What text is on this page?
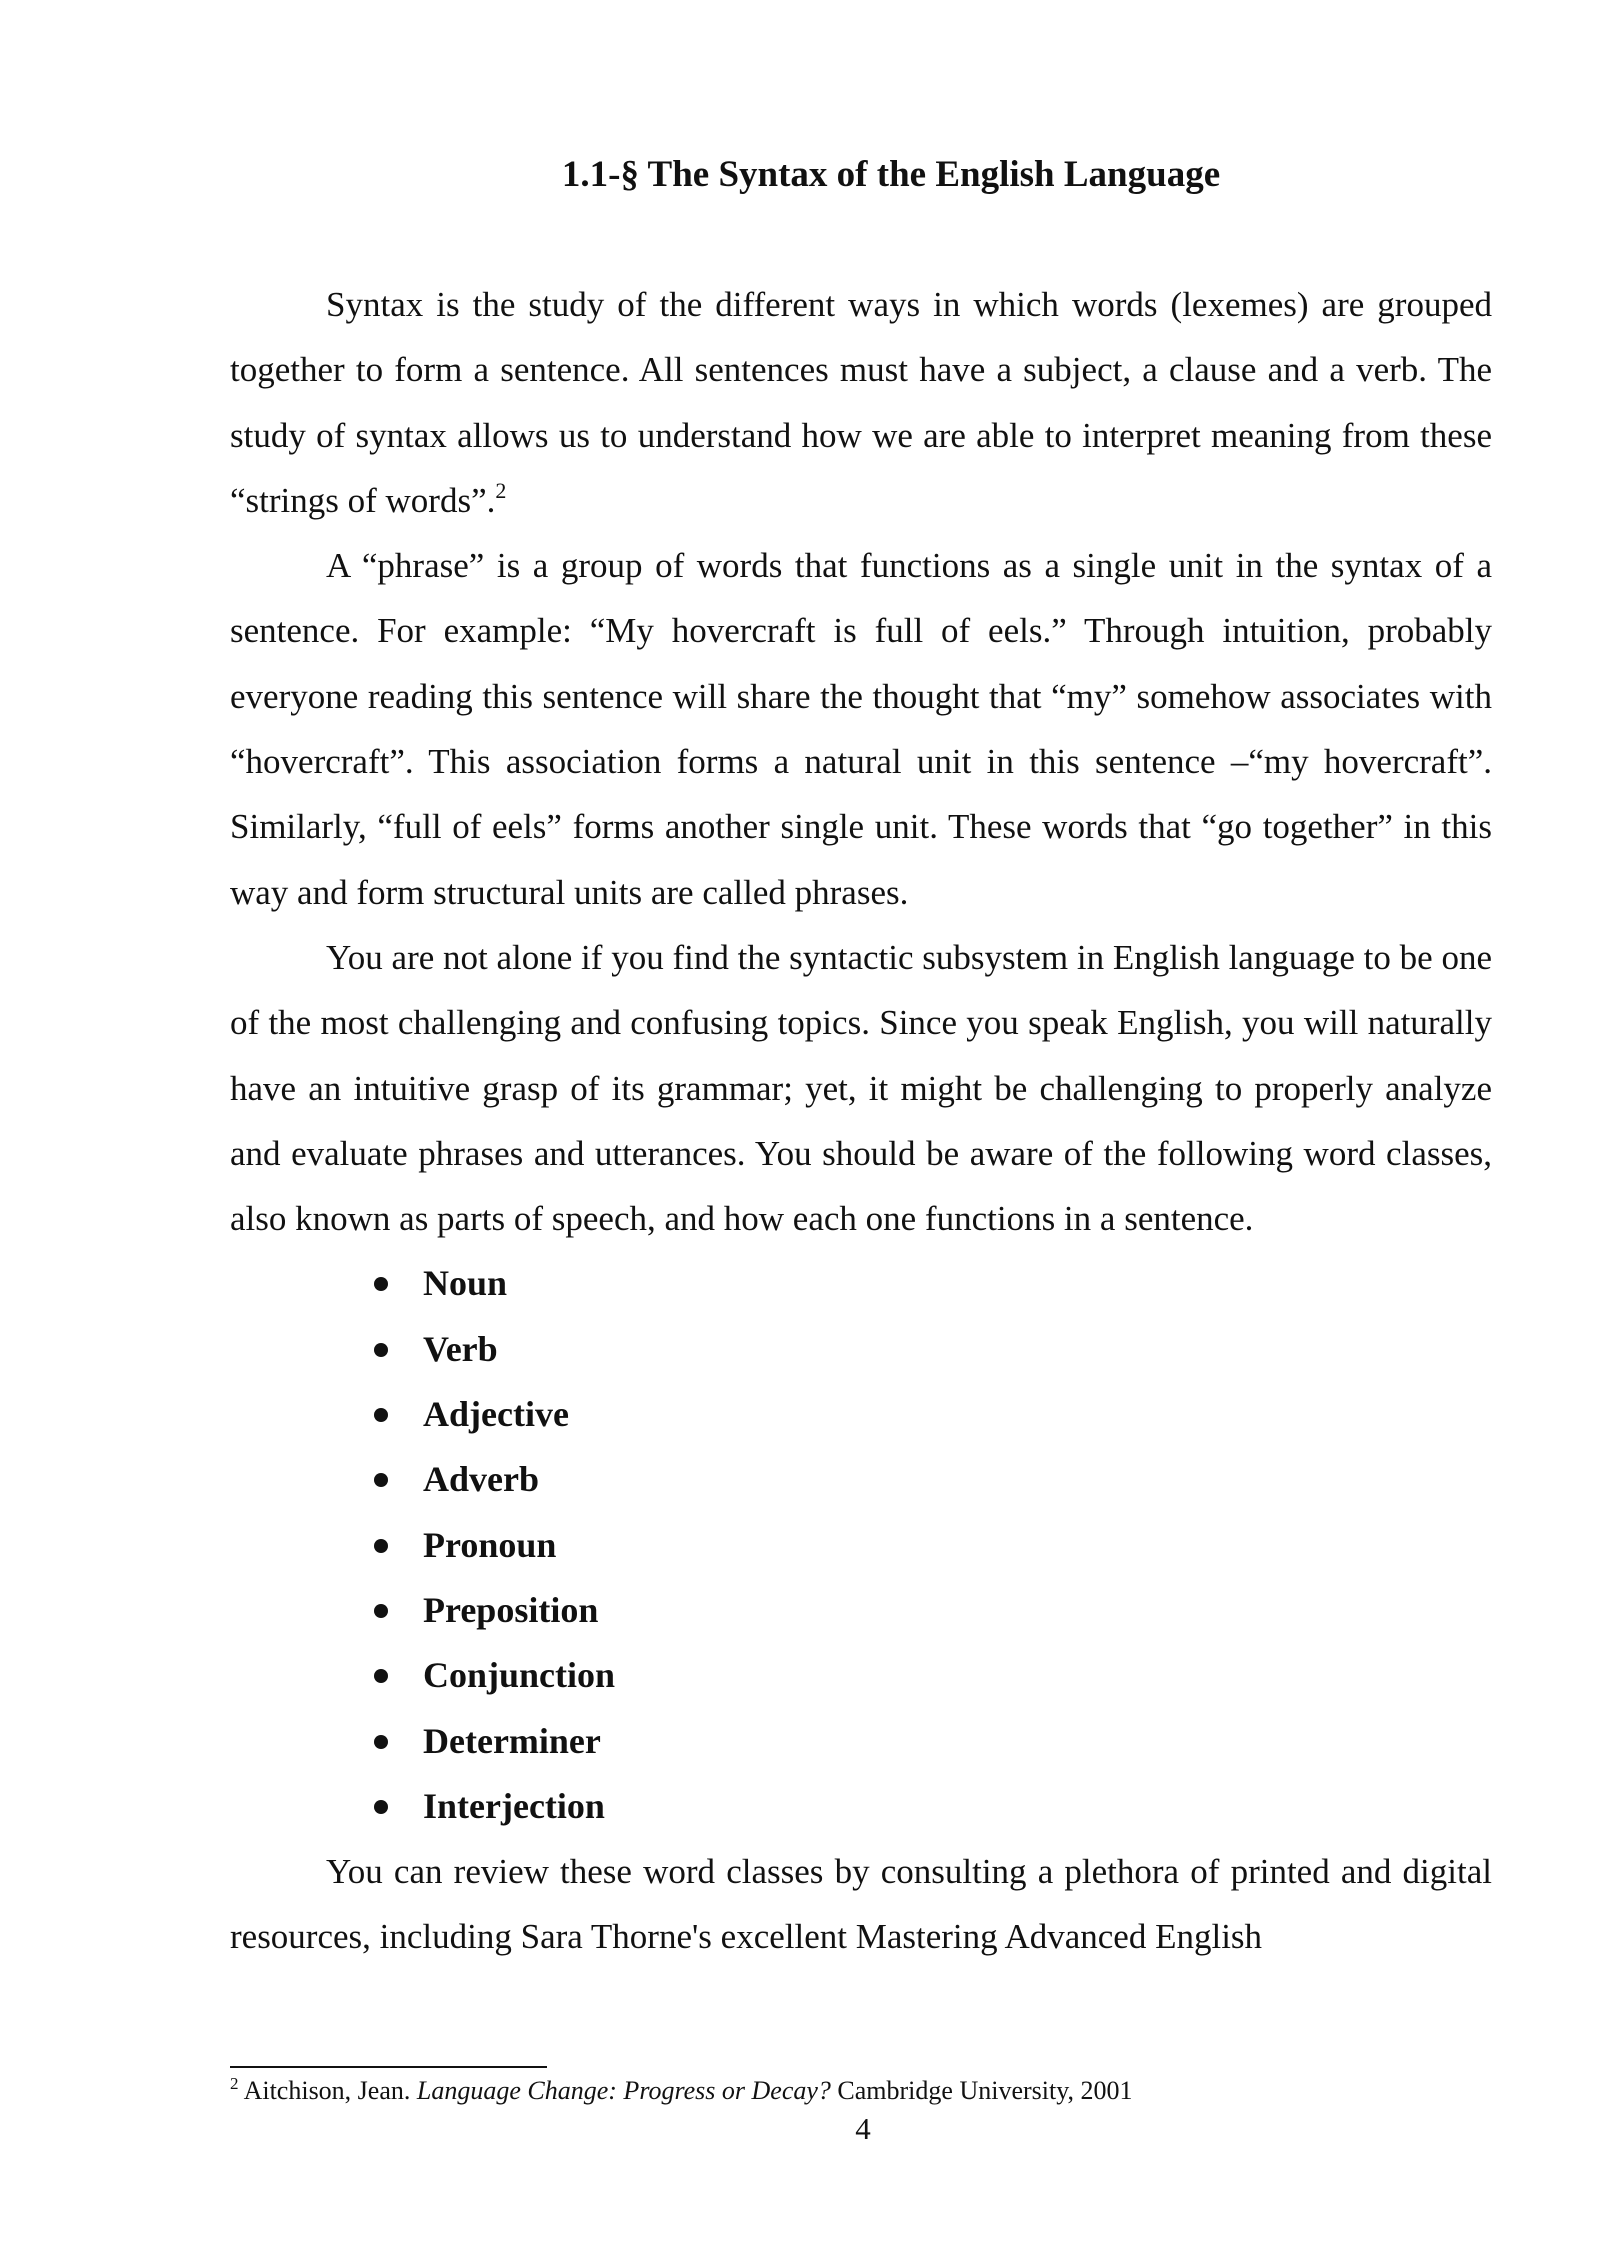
1.1-§ The Syntax of the English Language

Syntax is the study of the different ways in which words (lexemes) are grouped together to form a sentence. All sentences must have a subject, a clause and a verb. The study of syntax allows us to understand how we are able to interpret meaning from these “strings of words”.$^2$

A “phrase” is a group of words that functions as a single unit in the syntax of a sentence. For example: “My hovercraft is full of eels.” Through intuition, probably everyone reading this sentence will share the thought that “my” somehow associates with “hovercraft”. This association forms a natural unit in this sentence –“my hovercraft”. Similarly, “full of eels” forms another single unit. These words that “go together” in this way and form structural units are called phrases.

You are not alone if you find the syntactic subsystem in English language to be one of the most challenging and confusing topics. Since you speak English, you will naturally have an intuitive grasp of its grammar; yet, it might be challenging to properly analyze and evaluate phrases and utterances. You should be aware of the following word classes, also known as parts of speech, and how each one functions in a sentence.

Noun
Verb
Adjective
Adverb
Pronoun
Preposition
Conjunction
Determiner
Interjection

You can review these word classes by consulting a plethora of printed and digital resources, including Sara Thorne's excellent Mastering Advanced English

$^2$ Aitchison, Jean. Language Change: Progress or Decay? Cambridge University, 2001
4
